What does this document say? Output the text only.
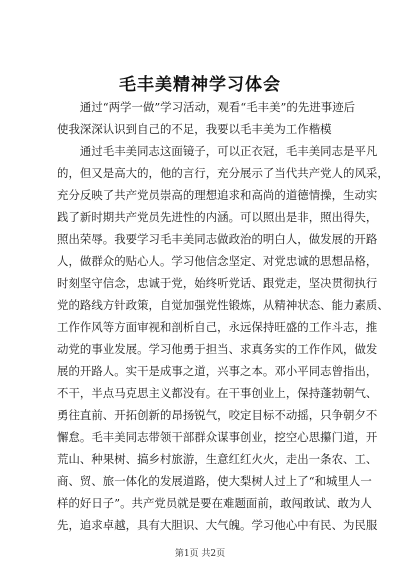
毛丰美精神学习体会
　　通过“两学一做”学习活动，观看“毛丰美”的先进事迹后
使我深深认识到自己的不足，我要以毛丰美为工作楷模
　　通过毛丰美同志这面镜子，可以正衣冠，毛丰美同志是平凡
的，但又是高大的，他的言行，充分展示了当代共产党人的风采，
充分反映了共产党员崇高的理想追求和高尚的道德情操，生动实
践了新时期共产党员先进性的内涵。可以照出是非，照出得失，
照出荣辱。我要学习毛丰美同志做政治的明白人，做发展的开路
人，做群众的贴心人。学习他信念坚定、对党忠诚的思想品格，
时刻坚守信念，忠诚于党，始终听党话、跟党走，坚决贯彻执行
党的路线方针政策，自觉加强党性锻炼，从精神状态、能力素质、
工作作风等方面审视和剖析自己，永远保持旺盛的工作斗志，推
动党的事业发展。学习他勇于担当、求真务实的工作作风，做发
展的开路人。实干是成事之道，兴事之本。邓小平同志曾指出，
不干，半点马克思主义都没有。在干事创业上，保持蓬勃朝气、
勇往直前、开拓创新的昂扬锐气，咬定目标不动摇，只争朝夕不
懈怠。毛丰美同志带领干部群众谋事创业，挖空心思攥门道，开
荒山、种果树、搞乡村旅游，生意红红火火，走出一条农、工、
商、贸、旅一体化的发展道路，使大梨树人过上了“和城里人一
样的好日子”。共产党员就是要在难题面前，敢闯敢试、敢为人
先，追求卓越，具有大胆识、大气魄。学习他心中有民、为民服
第1页 共2页
